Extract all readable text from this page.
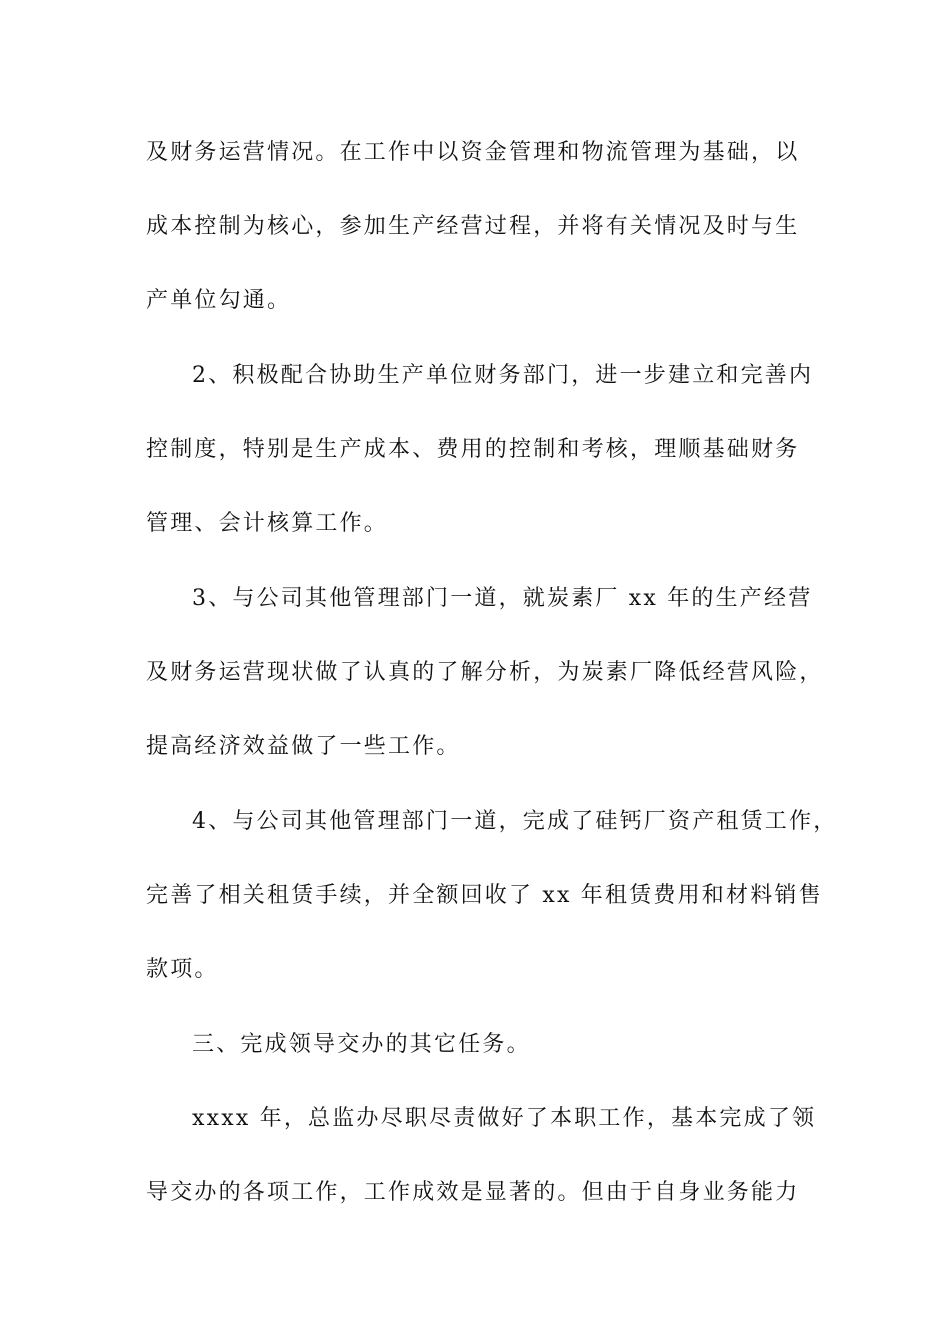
及财务运营情况。在工作中以资金管理和物流管理为基础，以
成本控制为核心，参加生产经营过程，并将有关情况及时与生
产单位勾通。
2、积极配合协助生产单位财务部门，进一步建立和完善内
控制度，特别是生产成本、费用的控制和考核，理顺基础财务
管理、会计核算工作。
3、与公司其他管理部门一道，就炭素厂 xx 年的生产经营
及财务运营现状做了认真的了解分析，为炭素厂降低经营风险，
提高经济效益做了一些工作。
4、与公司其他管理部门一道，完成了硅钙厂资产租赁工作，
完善了相关租赁手续，并全额回收了 xx 年租赁费用和材料销售
款项。
三、完成领导交办的其它任务。
xxxx 年，总监办尽职尽责做好了本职工作，基本完成了领
导交办的各项工作，工作成效是显著的。但由于自身业务能力
